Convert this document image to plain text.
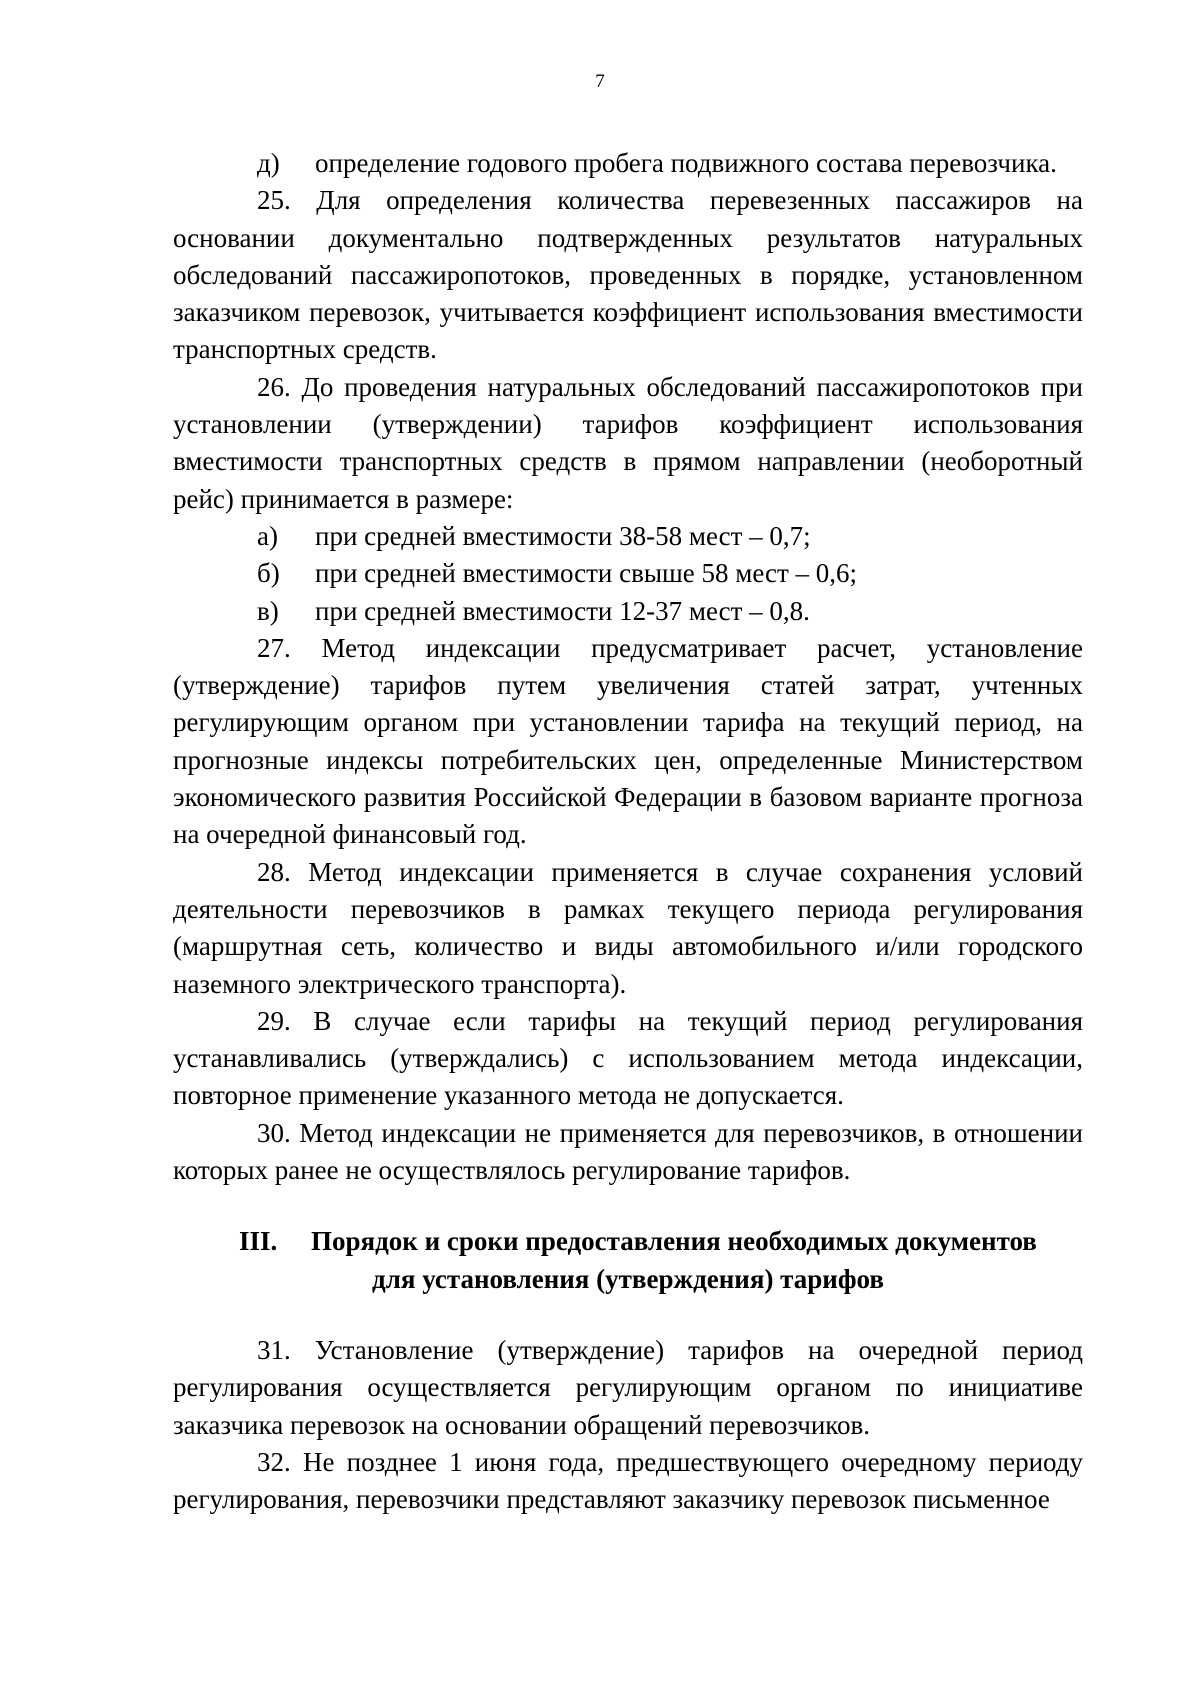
7
д)	определение годового пробега подвижного состава перевозчика.

25. Для определения количества перевезенных пассажиров на основании документально подтвержденных результатов натуральных обследований пассажиропотоков, проведенных в порядке, установленном заказчиком перевозок, учитывается коэффициент использования вместимости транспортных средств.

26. До проведения натуральных обследований пассажиропотоков при установлении (утверждении) тарифов коэффициент использования вместимости транспортных средств в прямом направлении (необоротный рейс) принимается в размере:

а)	при средней вместимости 38-58 мест – 0,7;
б)	при средней вместимости свыше 58 мест – 0,6;
в)	при средней вместимости 12-37 мест – 0,8.

27. Метод индексации предусматривает расчет, установление (утверждение) тарифов путем увеличения статей затрат, учтенных регулирующим органом при установлении тарифа на текущий период, на прогнозные индексы потребительских цен, определенные Министерством экономического развития Российской Федерации в базовом варианте прогноза на очередной финансовый год.

28. Метод индексации применяется в случае сохранения условий деятельности перевозчиков в рамках текущего периода регулирования (маршрутная сеть, количество и виды автомобильного и/или городского наземного электрического транспорта).

29. В случае если тарифы на текущий период регулирования устанавливались (утверждались) с использованием метода индексации, повторное применение указанного метода не допускается.

30. Метод индексации не применяется для перевозчиков, в отношении которых ранее не осуществлялось регулирование тарифов.

III. Порядок и сроки предоставления необходимых документов
для установления (утверждения) тарифов

31. Установление (утверждение) тарифов на очередной период регулирования осуществляется регулирующим органом по инициативе заказчика перевозок на основании обращений перевозчиков.

32. Не позднее 1 июня года, предшествующего очередному периоду регулирования, перевозчики представляют заказчику перевозок письменное
